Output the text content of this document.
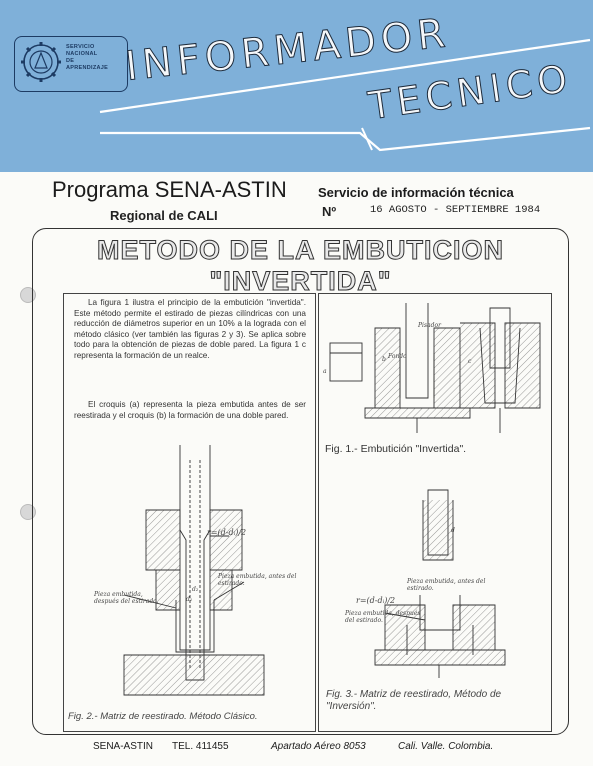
SERVICIO
NACIONAL
DE
APRENDIZAJE INFORMADOR
TECNICO
Programa SENA-ASTIN Servicio de información técnica
Regional de CALI	Nº	16 AGOSTO - SEPTIEMBRE 1984
METODO DE LA EMBUTICION
"INVERTIDA"
La figura 1 ilustra el principio de la embutición "invertida". Este método permite el estirado de piezas cilíndricas con una reducción de diámetros superior en un 10% a la lograda con el método clásico (ver también las figuras 2 y 3). Se aplica sobre todo para la obtención de piezas de doble pared. La figura 1 c representa la formación de un realce.
El croquis (a) representa la pieza embutida antes de ser reestirada y el croquis (b) la formación de una doble pared.
r=(d-dᵢ)/2
Pieza embutida, antes del estirado.
Pieza embutida, después del estirado.
d₂
d₁
Fig. 2.- Matriz de reestirado. Método Clásico.
a
b	c
Pisador
Fondo
Fig. 1.- Embutición "Invertida".
d
Pieza embutida, antes del estirado.
Pieza embutida, después del estirado.
r=(d-dᵢ)/2
Fig. 3.- Matriz de reestirado, Método de "Inversión".
SENA-ASTIN TEL. 411455	Apartado Aéreo 8053	Cali. Valle. Colombia.
